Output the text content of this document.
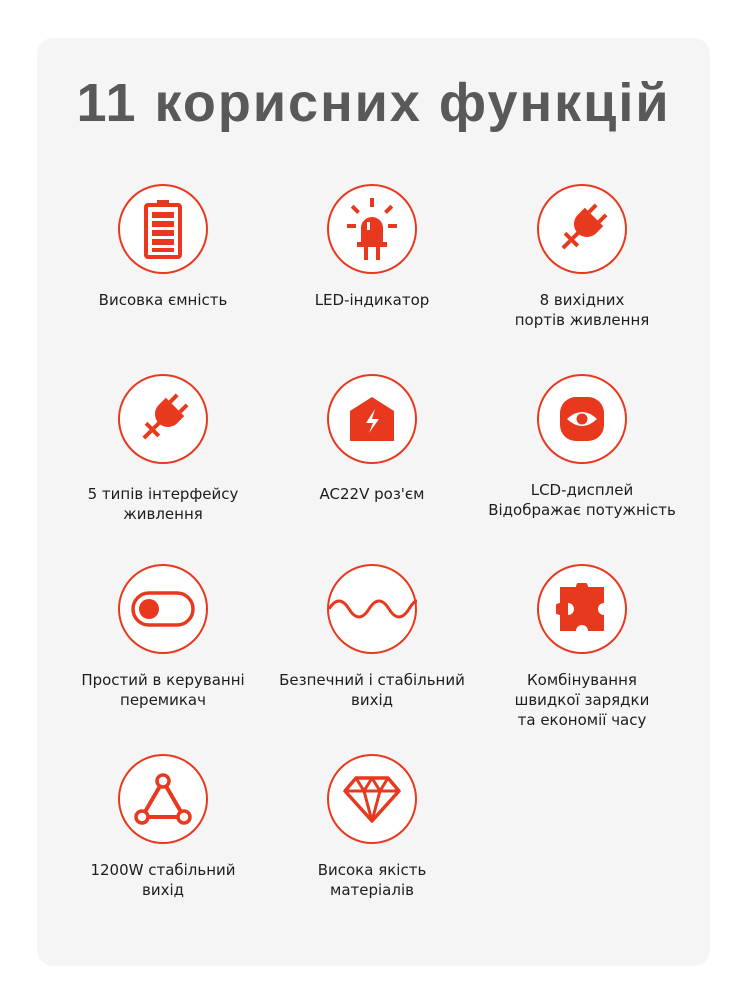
11 корисних функцій
Висовка ємність	LED-індикатор	8 вихідних
портів живлення
5 типів інтерфейсу
живлення
AC22V роз'єм	LCD-дисплей
Відображає потужність
Простий в керуванні
перемикач
Безпечний і стабільний
вихід
Комбінування
швидкої зарядки
та економії часу
1200W стабільний
вихід
Висока якість
матеріалів
